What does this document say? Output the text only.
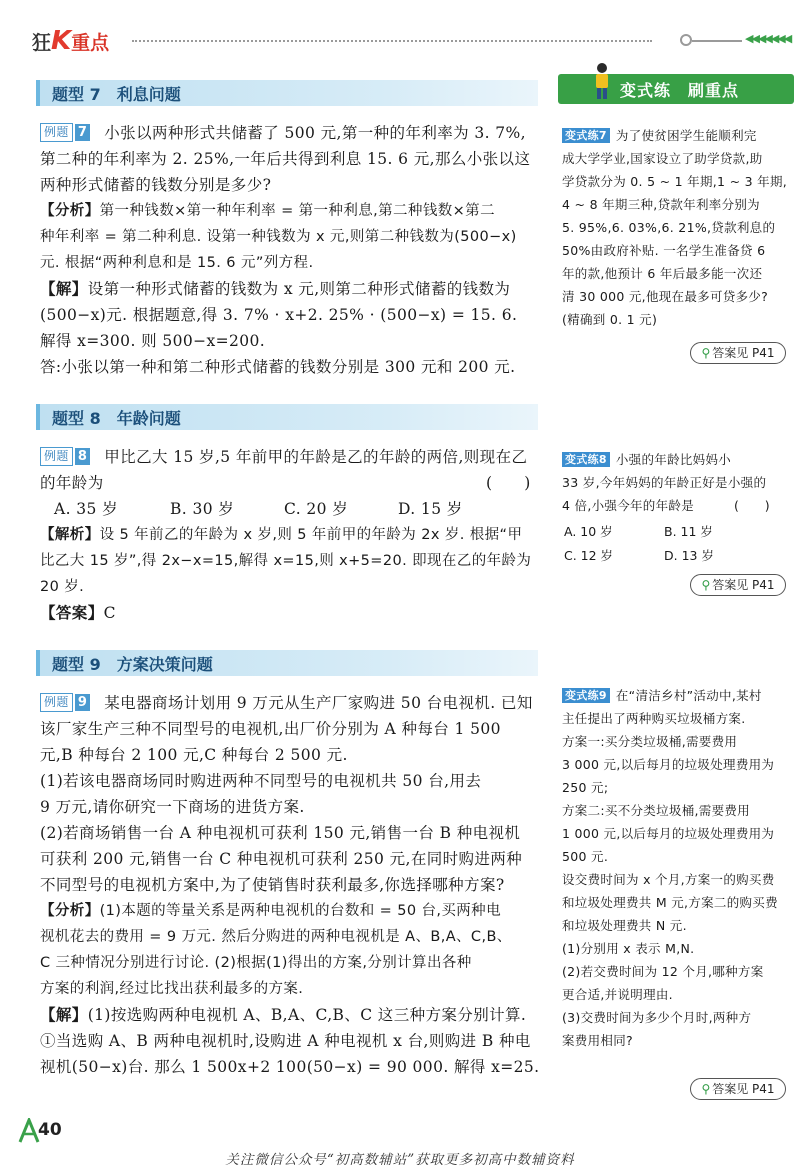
狂K重点	◀◀◀◀◀◀◀
题型 7　利息问题
例题 7 小张以两种形式共储蓄了 500 元,第一种的年利率为 3. 7%,
第二种的年利率为 2. 25%,一年后共得到利息 15. 6 元,那么小张以这
两种形式储蓄的钱数分别是多少?
【分析】第一种钱数×第一种年利率 = 第一种利息,第二种钱数×第二
种年利率 = 第二种利息. 设第一种钱数为 x 元,则第二种钱数为(500−x)
元. 根据“两种利息和是 15. 6 元”列方程.
【解】设第一种形式储蓄的钱数为 x 元,则第二种形式储蓄的钱数为
(500−x)元. 根据题意,得 3. 7% · x+2. 25% · (500−x) = 15. 6.
解得 x=300. 则 500−x=200.
答:小张以第一种和第二种形式储蓄的钱数分别是 300 元和 200 元.
题型 8　年龄问题
例题 8 甲比乙大 15 岁,5 年前甲的年龄是乙的年龄的两倍,则现在乙
的年龄为	(　　)
A. 35 岁	B. 30 岁	C. 20 岁	D. 15 岁
【解析】设 5 年前乙的年龄为 x 岁,则 5 年前甲的年龄为 2x 岁. 根据“甲
比乙大 15 岁”,得 2x−x=15,解得 x=15,则 x+5=20. 即现在乙的年龄为
20 岁.
【答案】C
题型 9　方案决策问题
例题 9 某电器商场计划用 9 万元从生产厂家购进 50 台电视机. 已知
该厂家生产三种不同型号的电视机,出厂价分别为 A 种每台 1 500
元,B 种每台 2 100 元,C 种每台 2 500 元.
(1)若该电器商场同时购进两种不同型号的电视机共 50 台,用去
9 万元,请你研究一下商场的进货方案.
(2)若商场销售一台 A 种电视机可获利 150 元,销售一台 B 种电视机
可获利 200 元,销售一台 C 种电视机可获利 250 元,在同时购进两种
不同型号的电视机方案中,为了使销售时获利最多,你选择哪种方案?
【分析】(1)本题的等量关系是两种电视机的台数和 = 50 台,买两种电
视机花去的费用 = 9 万元. 然后分购进的两种电视机是 A、B,A、C,B、
C 三种情况分别进行讨论. (2)根据(1)得出的方案,分别计算出各种
方案的利润,经过比找出获利最多的方案.
【解】(1)按选购两种电视机 A、B,A、C,B、C 这三种方案分别计算.
①当选购 A、B 两种电视机时,设购进 A 种电视机 x 台,则购进 B 种电
视机(50−x)台. 那么 1 500x+2 100(50−x) = 90 000. 解得 x=25.
变式练　刷重点
变式练7 为了使贫困学生能顺利完
成大学学业,国家设立了助学贷款,助
学贷款分为 0. 5 ~ 1 年期,1 ~ 3 年期,
4 ~ 8 年期三种,贷款年利率分别为
5. 95%,6. 03%,6. 21%,贷款利息的
50%由政府补贴. 一名学生准备贷 6
年的款,他预计 6 年后最多能一次还
清 30 000 元,他现在最多可贷多少?
(精确到 0. 1 元)
⚲ 答案见 P41
变式练8 小强的年龄比妈妈小
33 岁,今年妈妈的年龄正好是小强的
4 倍,小强今年的年龄是	(　　)
A. 10 岁	B. 11 岁
C. 12 岁	D. 13 岁
⚲ 答案见 P41
变式练9 在“清洁乡村”活动中,某村
主任提出了两种购买垃圾桶方案.
方案一:买分类垃圾桶,需要费用
3 000 元,以后每月的垃圾处理费用为
250 元;
方案二:买不分类垃圾桶,需要费用
1 000 元,以后每月的垃圾处理费用为
500 元.
设交费时间为 x 个月,方案一的购买费
和垃圾处理费共 M 元,方案二的购买费
和垃圾处理费共 N 元.
(1)分别用 x 表示 M,N.
(2)若交费时间为 12 个月,哪种方案
更合适,并说明理由.
(3)交费时间为多少个月时,两种方
案费用相同?
⚲ 答案见 P41
40
关注微信公众号“初高数辅站”获取更多初高中数辅资料
